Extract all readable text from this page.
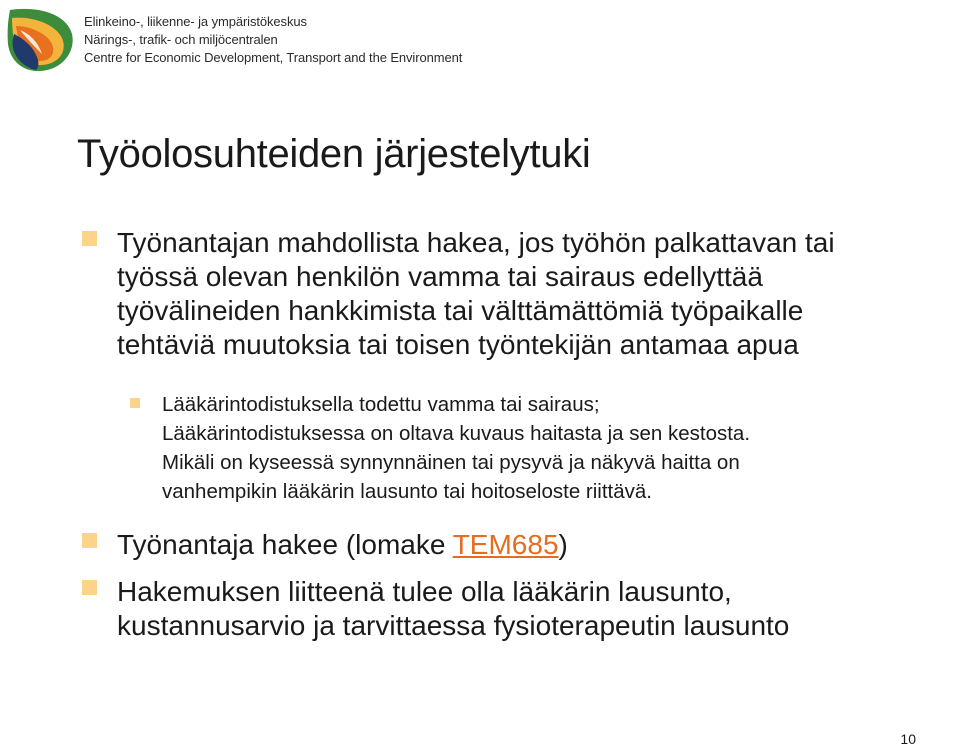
Elinkeino-, liikenne- ja ympäristökeskus
Närings-, trafik- och miljöcentralen
Centre for Economic Development, Transport and the Environment
Työolosuhteiden järjestelytuki

Työnantajan mahdollista hakea, jos työhön palkattavan tai
työssä olevan henkilön vamma tai sairaus edellyttää
työvälineiden hankkimista tai välttämättömiä työpaikalle
tehtäviä muutoksia tai toisen työntekijän antamaa apua

Lääkärintodistuksella todettu vamma tai sairaus;
Lääkärintodistuksessa on oltava kuvaus haitasta ja sen kestosta.
Mikäli on kyseessä synnynnäinen tai pysyvä ja näkyvä haitta on
vanhempikin lääkärin lausunto tai hoitoseloste riittävä.

Työnantaja hakee (lomake TEM685)

Hakemuksen liitteenä tulee olla lääkärin lausunto,
kustannusarvio ja tarvittaessa fysioterapeutin lausunto

10
